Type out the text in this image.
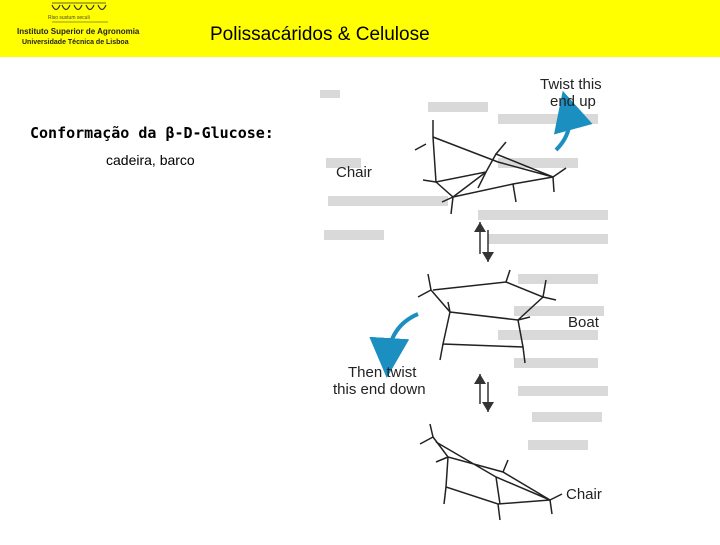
Riso sustum seculi
Instituto Superior de Agronomia
Universidade Técnica de Lisboa	Polissacáridos & Celulose
Conformação da β-D-Glucose:
cadeira, barco
Twist this
end up
Chair
Boat
Then twist
this end down
Chair
